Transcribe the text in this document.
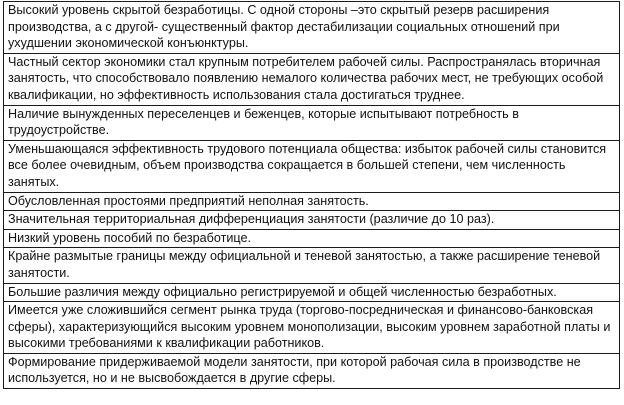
Высокий уровень скрытой безработицы. С одной стороны –это скрытый резерв расширения производства, а с другой- существенный фактор дестабилизации социальных отношений при ухудшении экономической конъюнктуры.
Частный сектор экономики стал крупным потребителем рабочей силы. Распространялась вторичная занятость, что способствовало появлению немалого количества рабочих мест, не требующих особой квалификации, но эффективность использования стала достигаться труднее.
Наличие вынужденных переселенцев и беженцев, которые испытывают потребность в трудоустройстве.
Уменьшающаяся эффективность трудового потенциала общества: избыток рабочей силы становится все более очевидным, объем производства сокращается в большей степени, чем численность занятых.
Обусловленная простоями предприятий неполная занятость.
Значительная территориальная дифференциация занятости (различие до 10 раз).
Низкий уровень пособий по безработице.
Крайне размытые границы между официальной и теневой занятостью, а также расширение теневой занятости.
Большие различия между официально регистрируемой и общей численностью безработных.
Имеется уже сложившийся сегмент рынка труда (торгово-посредническая и финансово-банковская сферы), характеризующийся высоким уровнем монополизации, высоким уровнем заработной платы и высокими требованиями к квалификации работников.
Формирование придерживаемой модели занятости, при которой рабочая сила в производстве не используется, но и не высвобождается в другие сферы.
